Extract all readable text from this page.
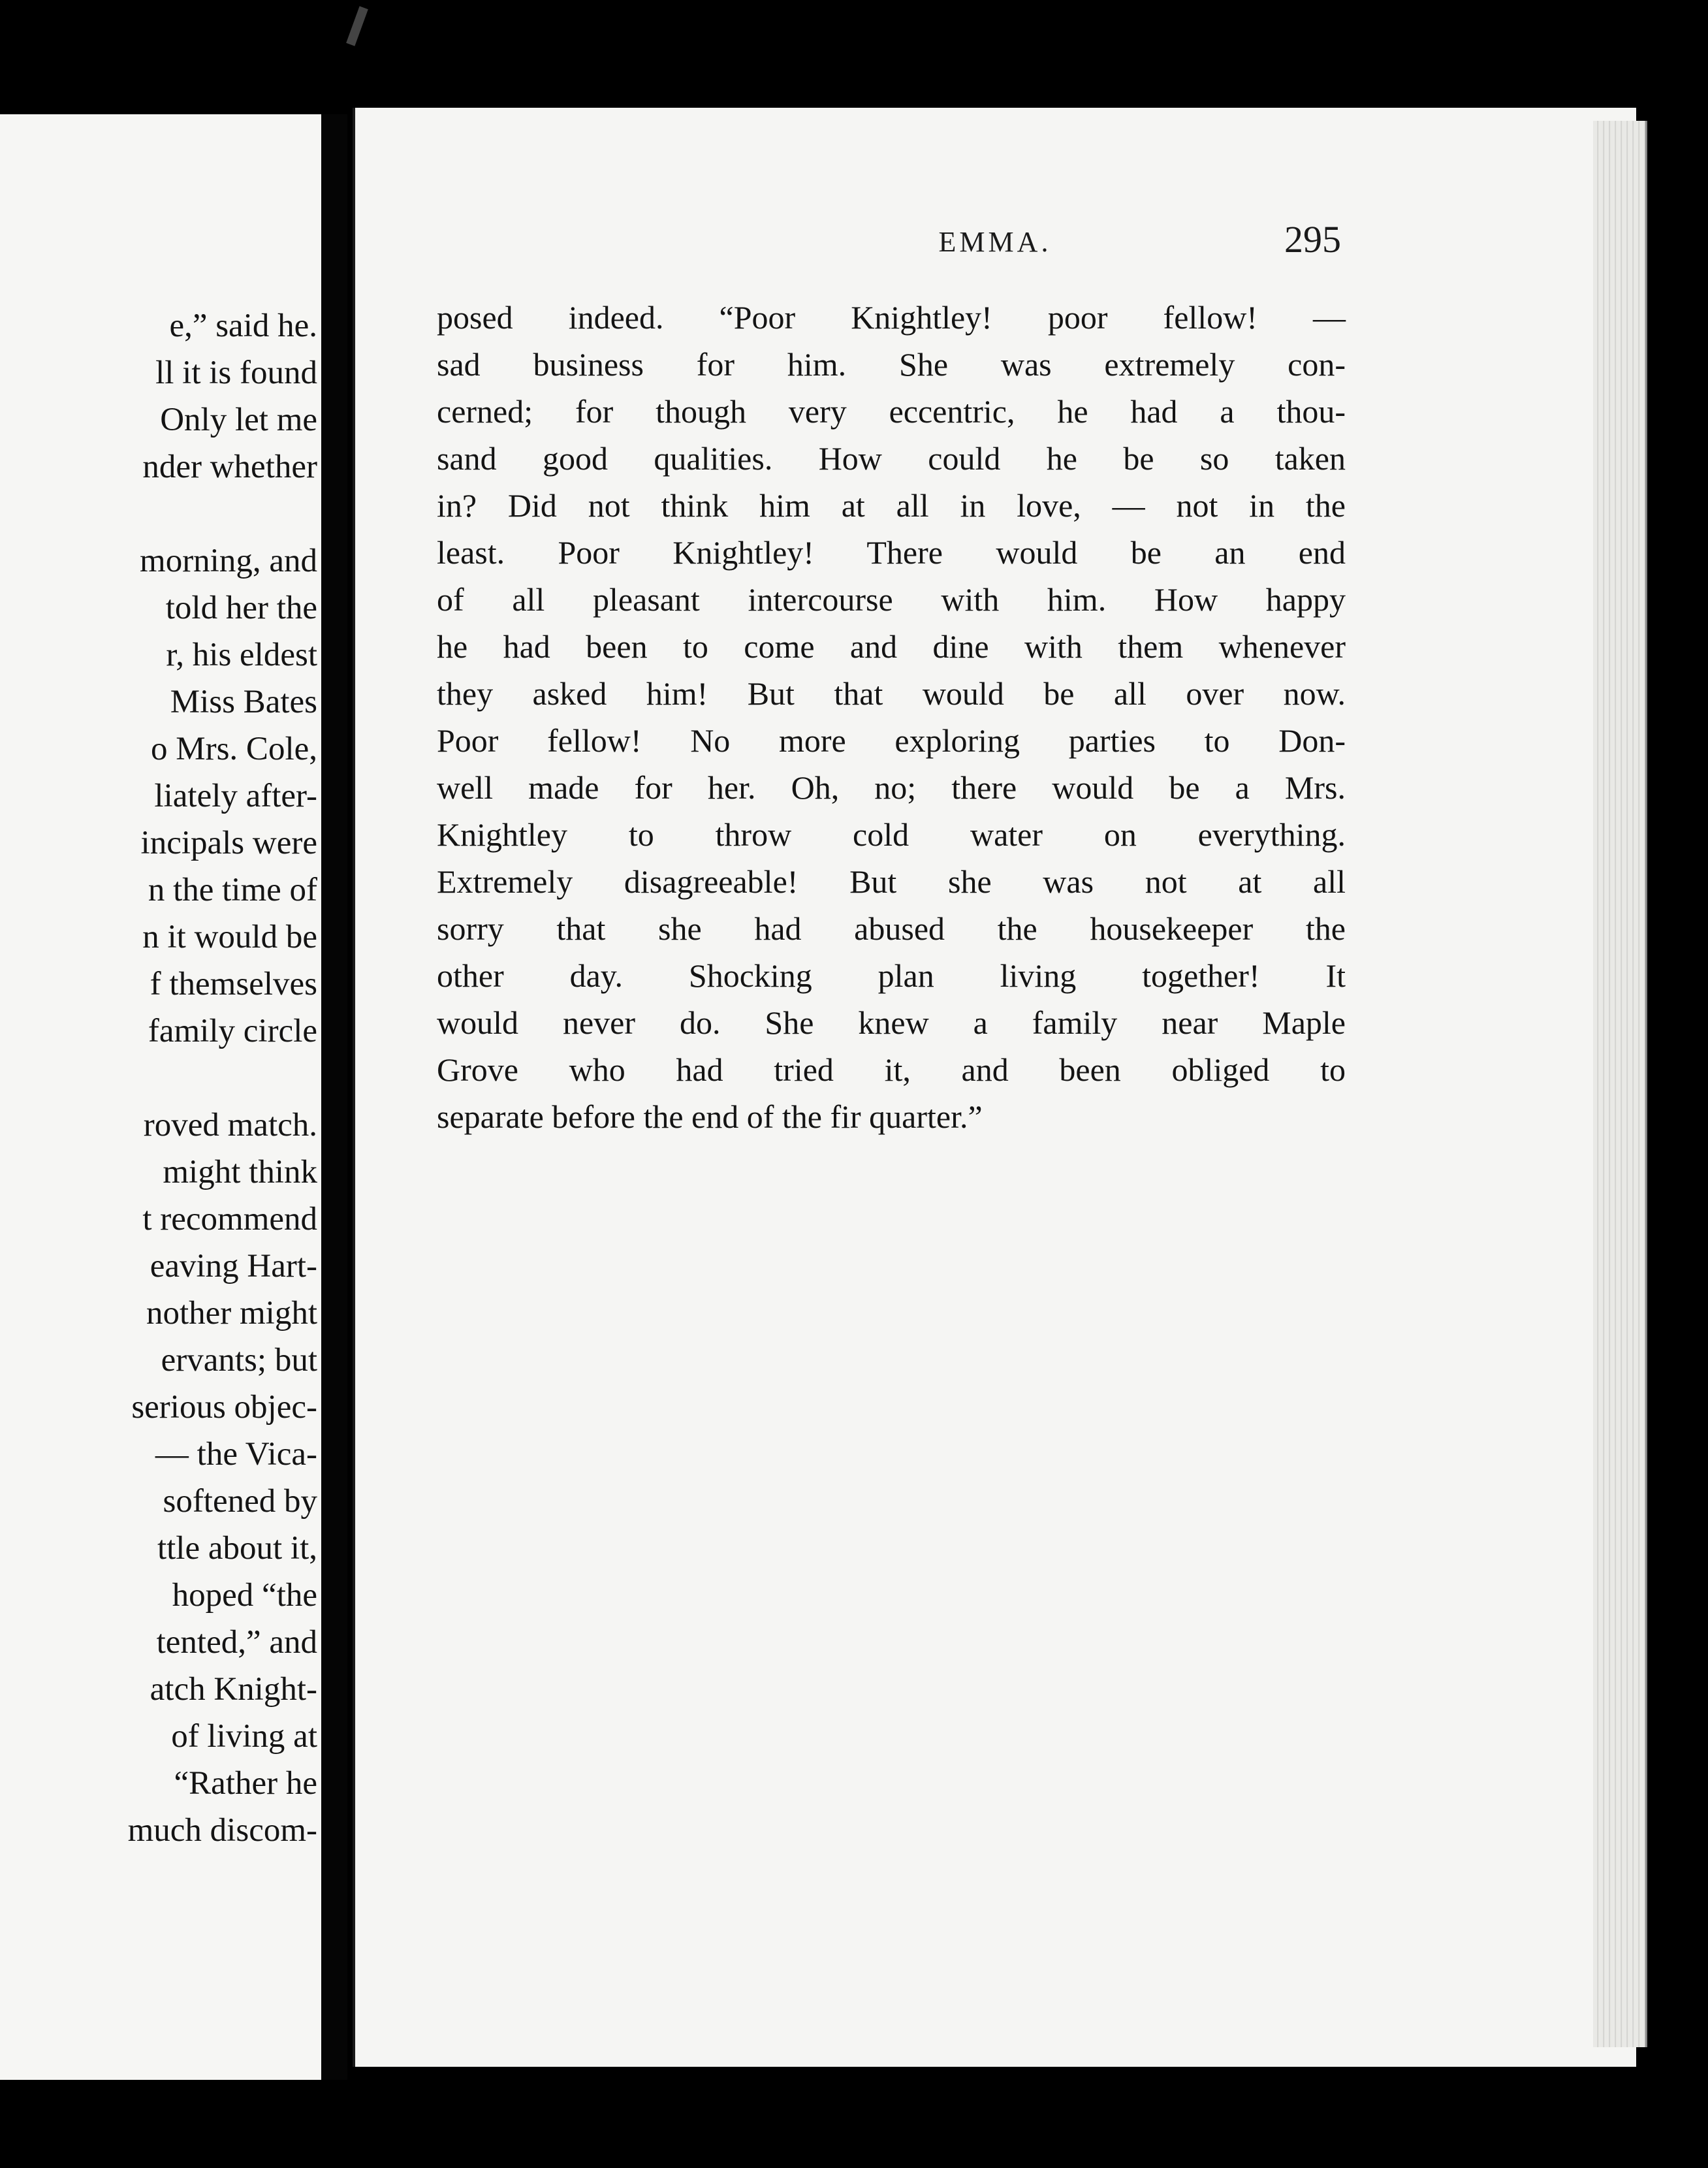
e,” said he.
ll it is found
Only let me
nder whether
morning, and
told her the
r, his eldest
Miss Bates
o Mrs. Cole,
liately after-
incipals were
n the time of
n it would be
f themselves
family circle
roved match.
might think
t recommend
eaving Hart-
nother might
ervants; but
serious objec-
— the Vica-
softened by
ttle about it,
hoped “the
tented,” and
atch Knight-
of living at
“Rather he
much discom-
EMMA.	295
posed indeed. “Poor Knightley! poor fellow! —
sad business for him. She was extremely con-
cerned; for though very eccentric, he had a thou-
sand good qualities. How could he be so taken
in? Did not think him at all in love, — not in the
least. Poor Knightley! There would be an end
of all pleasant intercourse with him. How happy
he had been to come and dine with them whenever
they asked him! But that would be all over now.
Poor fellow! No more exploring parties to Don-
well made for her. Oh, no; there would be a Mrs.
Knightley to throw cold water on everything.
Extremely disagreeable! But she was not at all
sorry that she had abused the housekeeper the
other day. Shocking plan living together! It
would never do. She knew a family near Maple
Grove who had tried it, and been obliged to
separate before the end of the fir quarter.”
